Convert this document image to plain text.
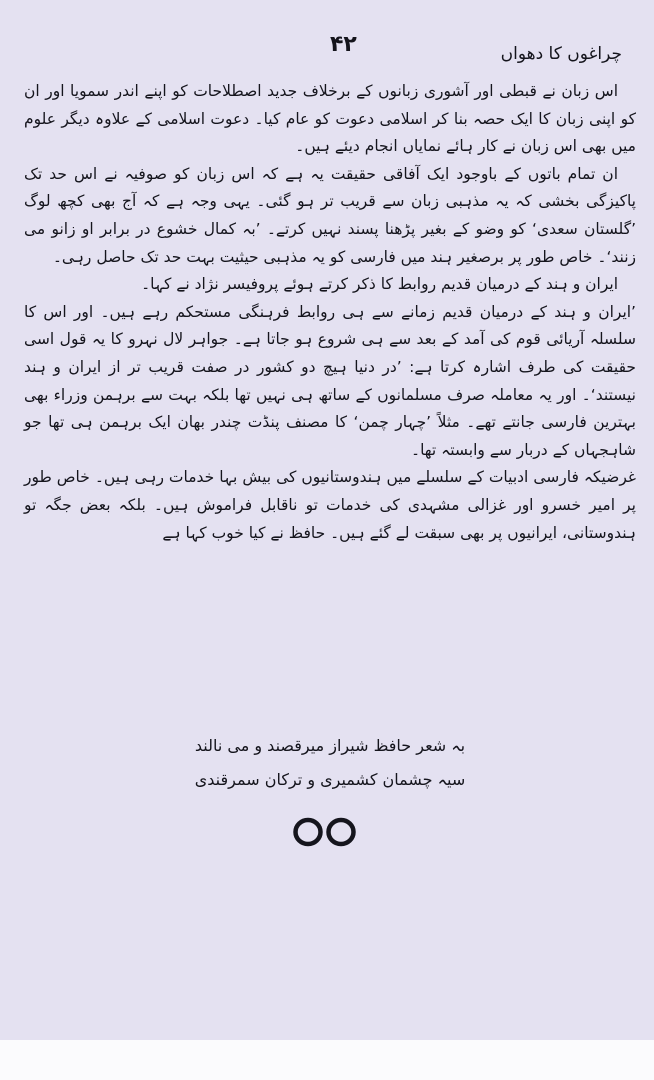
چراغوں کا دھواں
۴۲

اس زبان نے قبطی اور آشوری زبانوں کے برخلاف جدید اصطلاحات کو اپنے اندر سمویا اور ان کو اپنی زبان کا ایک حصہ بنا کر اسلامی دعوت کو عام کیا۔ دعوت اسلامی کے علاوہ دیگر علوم میں بھی اس زبان نے کار ہائے نمایاں انجام دیئے ہیں۔

ان تمام باتوں کے باوجود ایک آفاقی حقیقت یہ ہے کہ اس زبان کو صوفیہ نے اس حد تک پاکیزگی بخشی کہ یہ مذہبی زبان سے قریب تر ہو گئی۔ یہی وجہ ہے کہ آج بھی کچھ لوگ ’گلستان سعدی‘ کو وضو کے بغیر پڑھنا پسند نہیں کرتے۔ ’بہ کمال خشوع در برابر او زانو می زنند‘۔ خاص طور پر برصغیر ہند میں فارسی کو یہ مذہبی حیثیت بہت حد تک حاصل رہی۔

ایران و ہند کے درمیان قدیم روابط کا ذکر کرتے ہوئے پروفیسر نژاد نے کہا۔

’ایران و ہند کے درمیان قدیم زمانے سے ہی روابط فرہنگی مستحکم رہے ہیں۔ اور اس کا سلسلہ آریائی قوم کی آمد کے بعد سے ہی شروع ہو جاتا ہے۔ جواہر لال نہرو کا یہ قول اسی حقیقت کی طرف اشارہ کرتا ہے: ’در دنیا ہیچ دو کشور در صفت قریب تر از ایران و ہند نیستند‘۔ اور یہ معاملہ صرف مسلمانوں کے ساتھ ہی نہیں تھا بلکہ بہت سے برہمن وزراء بھی بہترین فارسی جانتے تھے۔ مثلاً ’چہار چمن‘ کا مصنف پنڈت چندر بھان ایک برہمن ہی تھا جو شاہجہاں کے دربار سے وابستہ تھا۔

غرضیکہ فارسی ادبیات کے سلسلے میں ہندوستانیوں کی بیش بہا خدمات رہی ہیں۔ خاص طور پر امیر خسرو اور غزالی مشہدی کی خدمات تو ناقابل فراموش ہیں۔ بلکہ بعض جگہ تو ہندوستانی، ایرانیوں پر بھی سبقت لے گئے ہیں۔ حافظ نے کیا خوب کہا ہے

بہ شعر حافظ شیراز میرقصند و می نالند
سیہ چشمان کشمیری و ترکان سمرقندی
